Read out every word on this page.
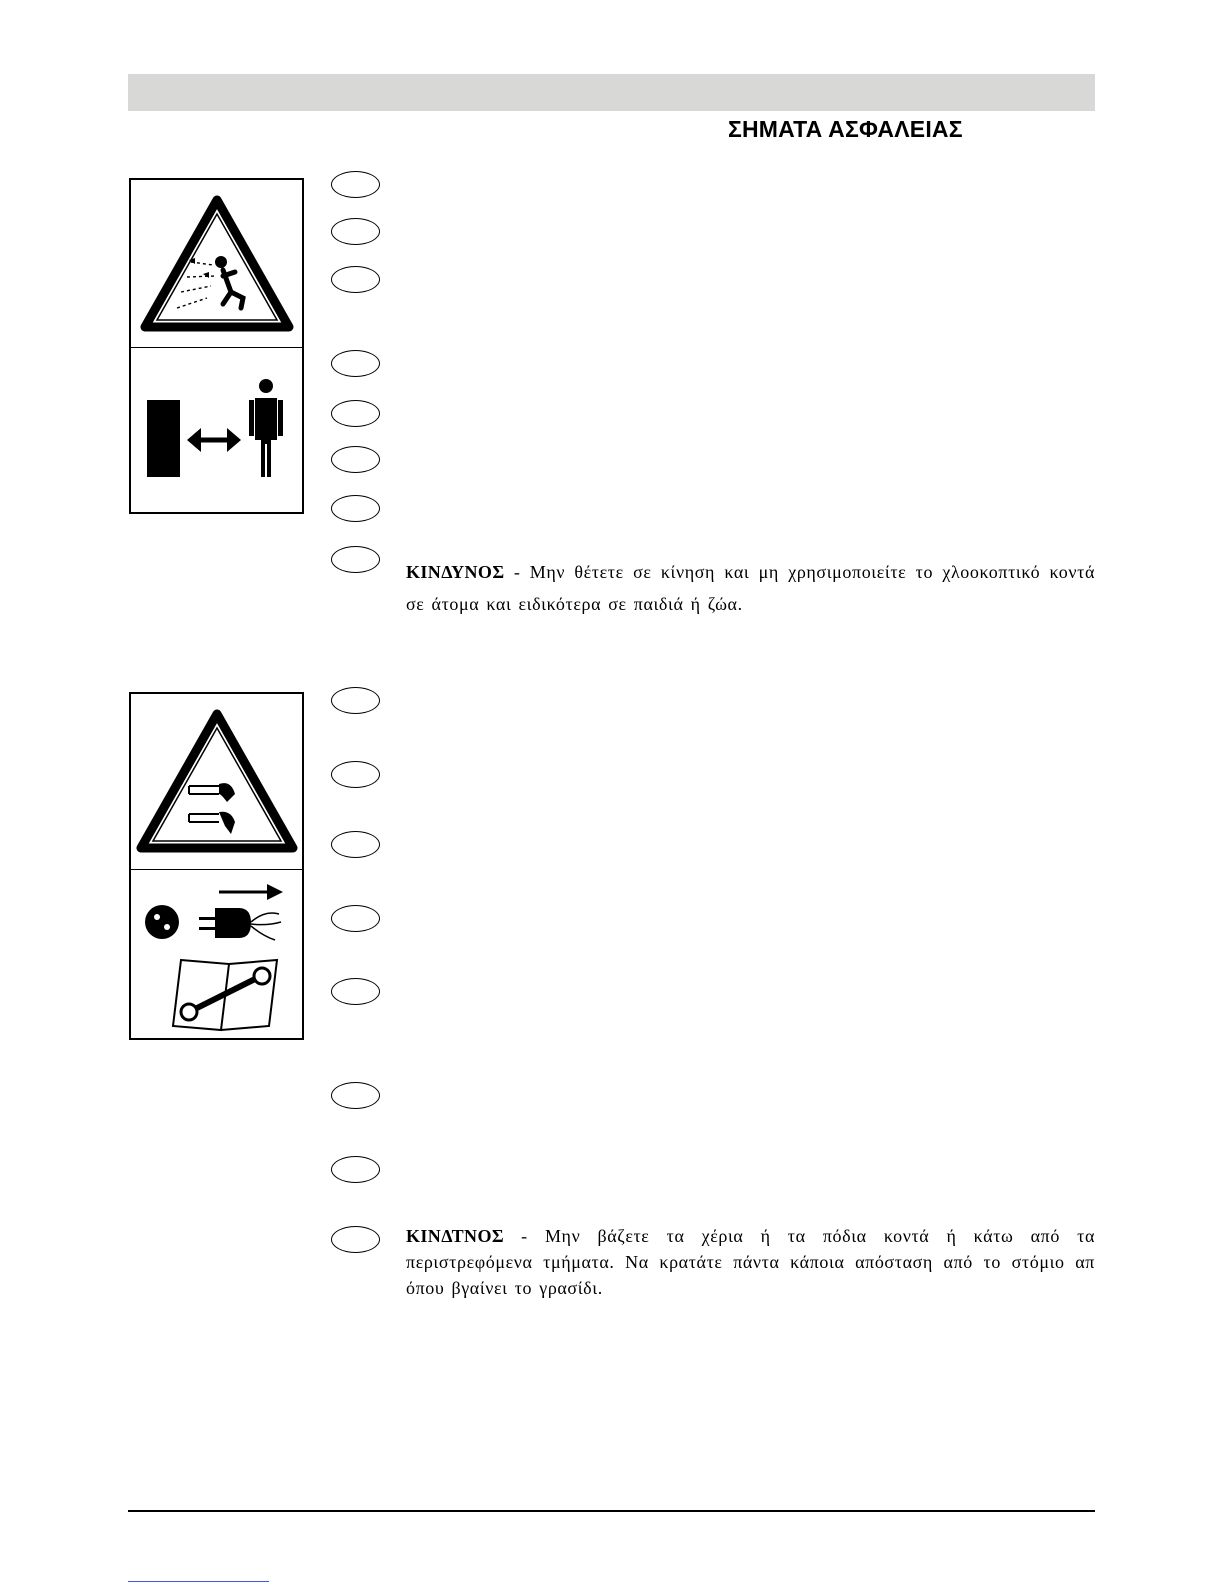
ΣΗΜΑΤΑ ΑΣΦΑΛΕΙΑΣ
ΚΙΝΔΥΝΟΣ - Μην θέτετε σε κίνηση και μη χρησιμοποιείτε το χλοοκοπτικό κοντά σε άτομα και ειδικότερα σε παιδιά ή ζώα.
ΚΙΝΔΤΝΟΣ - Μην βάζετε τα χέρια ή τα πόδια κοντά ή κάτω από τα περιστρεφόμενα τμήματα. Να κρατάτε πάντα κάποια απόσταση από το στόμιο απ όπου βγαίνει το γρασίδι.
